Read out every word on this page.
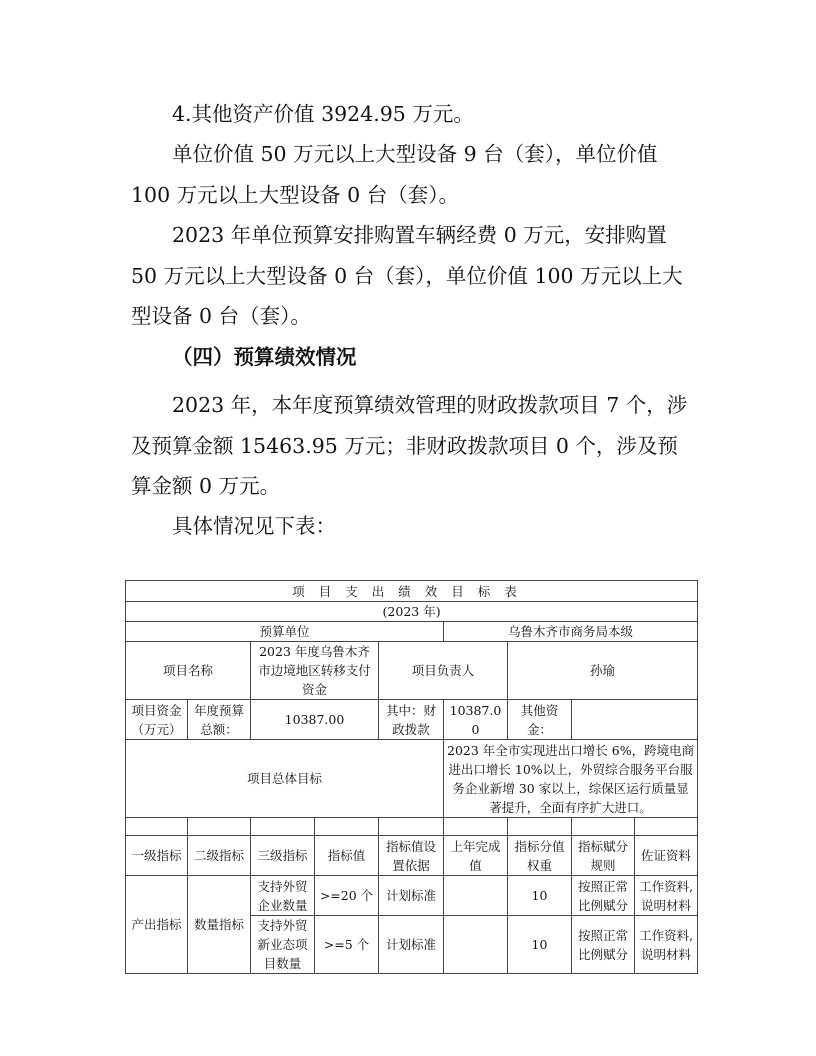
4.其他资产价值 3924.95 万元。

单位价值 50 万元以上大型设备 9 台（套），单位价值 100 万元以上大型设备 0 台（套）。

2023 年单位预算安排购置车辆经费 0 万元，安排购置 50 万元以上大型设备 0 台（套），单位价值 100 万元以上大型设备 0 台（套）。

（四）预算绩效情况

2023 年，本年度预算绩效管理的财政拨款项目 7 个，涉及预算金额 15463.95 万元；非财政拨款项目 0 个，涉及预算金额 0 万元。

具体情况见下表：

项目支出绩效目标表								
(2023 年)								
预算单位					乌鲁木齐市商务局本级			
项目名称		2023 年度乌鲁木齐市边境地区转移支付资金		项目负责人		孙瑜		
项目资金（万元）	年度预算总额：	10387.00		其中：财政拨款	10387.00	其他资金：		
项目总体目标					2023 年全市实现进出口增长 6%，跨境电商进出口增长 10%以上，外贸综合服务平台服务企业新增 30 家以上，综保区运行质量显著提升，全面有序扩大进口。			

一级指标	二级指标	三级指标	指标值	指标值设置依据	上年完成值	指标分值权重	指标赋分规则	佐证资料
产出指标	数量指标	支持外贸企业数量	>=20 个	计划标准		10	按照正常比例赋分	工作资料,说明材料
		支持外贸新业态项目数量	>=5 个	计划标准		10	按照正常比例赋分	工作资料,说明材料
